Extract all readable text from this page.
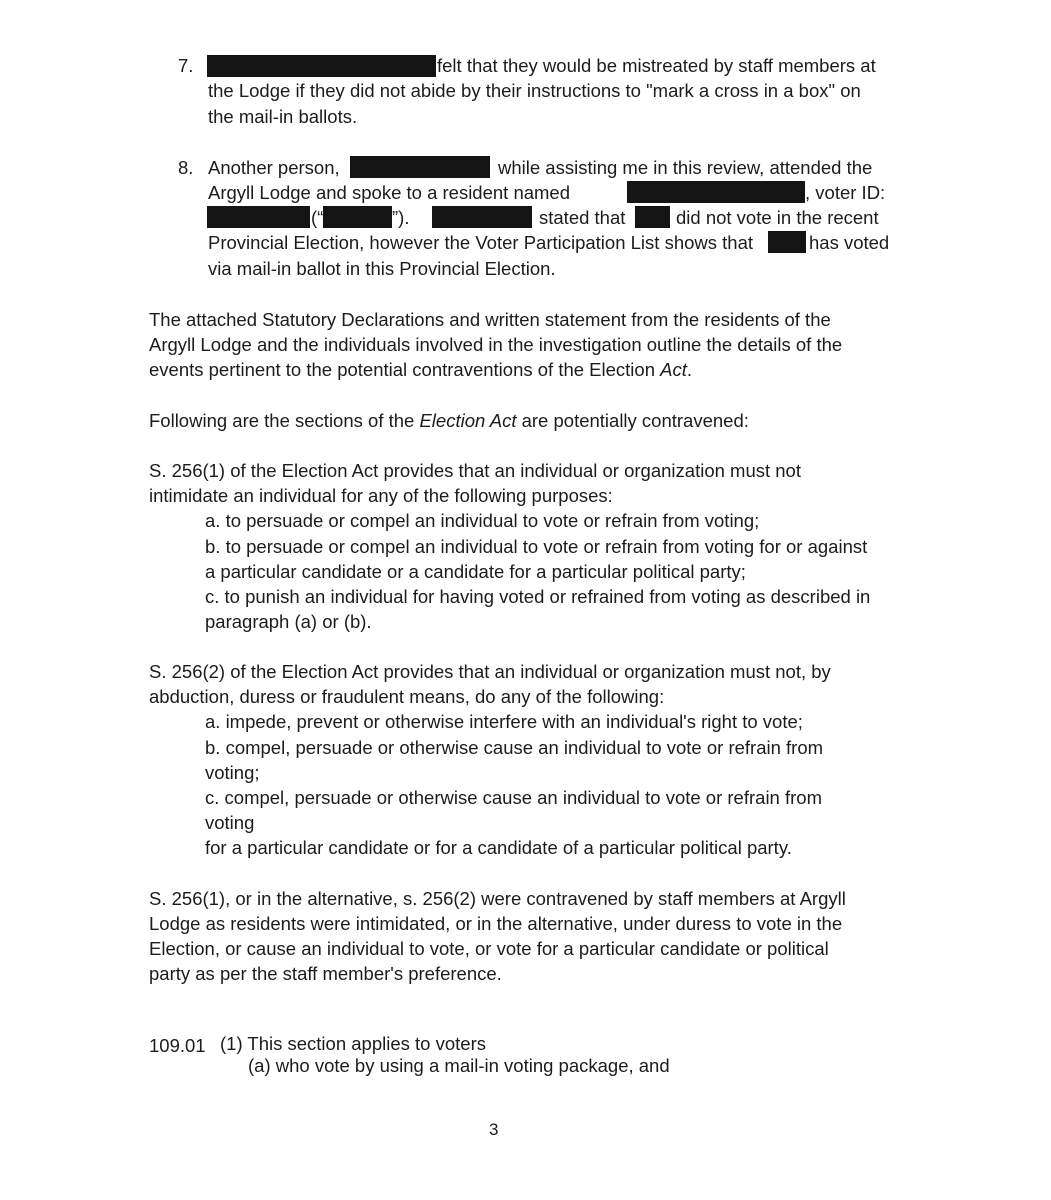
7.	felt that they would be mistreated by staff members at
the Lodge if they did not abide by their instructions to "mark a cross in a box" on
the mail-in ballots.
8. Another person,	while assisting me in this review, attended the
Argyll Lodge and spoke to a resident named	, voter ID:
(“	”).	stated that	did not vote in the recent
Provincial Election, however the Voter Participation List shows that	has voted
via mail-in ballot in this Provincial Election.
The attached Statutory Declarations and written statement from the residents of the
Argyll Lodge and the individuals involved in the investigation outline the details of the
events pertinent to the potential contraventions of the Election Act.
Following are the sections of the Election Act are potentially contravened:
S. 256(1) of the Election Act provides that an individual or organization must not
intimidate an individual for any of the following purposes:
a. to persuade or compel an individual to vote or refrain from voting;
b. to persuade or compel an individual to vote or refrain from voting for or against
a particular candidate or a candidate for a particular political party;
c. to punish an individual for having voted or refrained from voting as described in
paragraph (a) or (b).
S. 256(2) of the Election Act provides that an individual or organization must not, by
abduction, duress or fraudulent means, do any of the following:
a. impede, prevent or otherwise interfere with an individual's right to vote;
b. compel, persuade or otherwise cause an individual to vote or refrain from
voting;
c. compel, persuade or otherwise cause an individual to vote or refrain from
voting
for a particular candidate or for a candidate of a particular political party.
S. 256(1), or in the alternative, s. 256(2) were contravened by staff members at Argyll
Lodge as residents were intimidated, or in the alternative, under duress to vote in the
Election, or cause an individual to vote, or vote for a particular candidate or political
party as per the staff member's preference.
109.01 (1) This section applies to voters
(a) who vote by using a mail-in voting package, and
3
